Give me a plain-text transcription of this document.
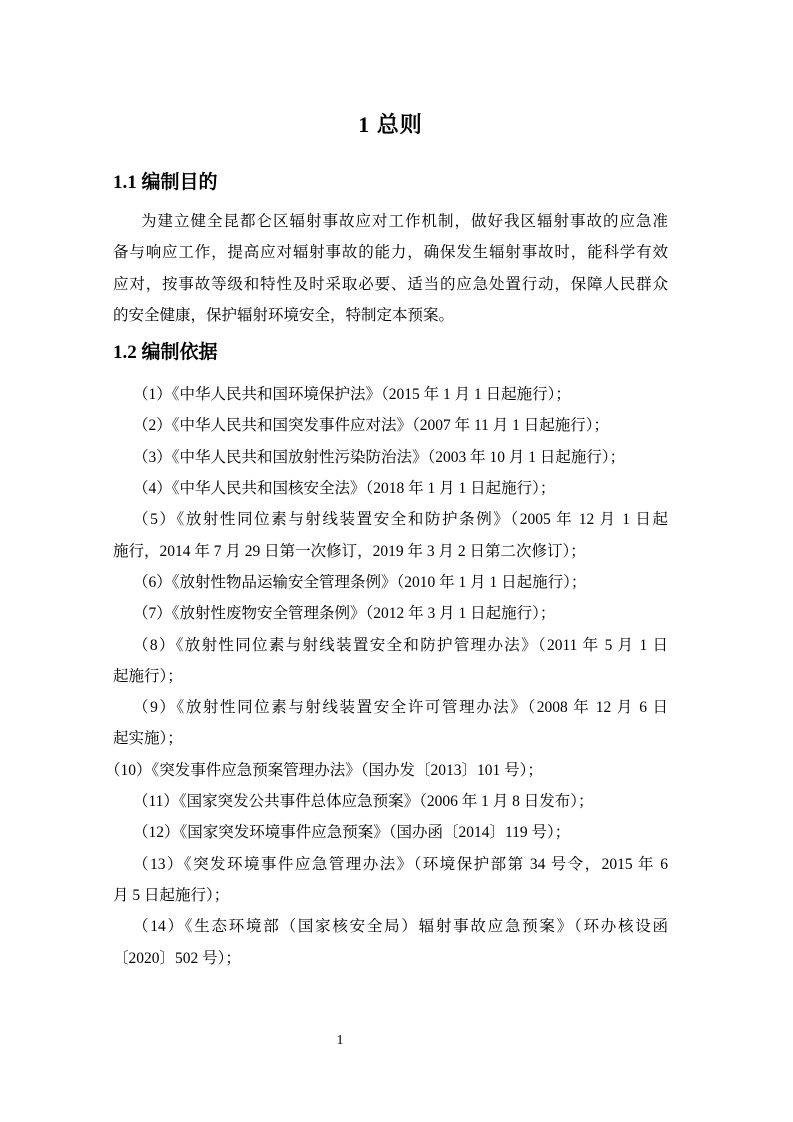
1 总则
1.1 编制目的
为建立健全昆都仑区辐射事故应对工作机制，做好我区辐射事故的应急准
备与响应工作，提高应对辐射事故的能力，确保发生辐射事故时，能科学有效
应对，按事故等级和特性及时采取必要、适当的应急处置行动，保障人民群众
的安全健康，保护辐射环境安全，特制定本预案。
1.2 编制依据
（1）《中华人民共和国环境保护法》（2015 年 1 月 1 日起施行）；
（2）《中华人民共和国突发事件应对法》（2007 年 11 月 1 日起施行）；
（3）《中华人民共和国放射性污染防治法》（2003 年 10 月 1 日起施行）；
（4）《中华人民共和国核安全法》（2018 年 1 月 1 日起施行）；
（5）《放射性同位素与射线装置安全和防护条例》（2005 年 12 月 1 日起
施行，2014 年 7 月 29 日第一次修订，2019 年 3 月 2 日第二次修订）；
（6）《放射性物品运输安全管理条例》（2010 年 1 月 1 日起施行）；
（7）《放射性废物安全管理条例》（2012 年 3 月 1 日起施行）；
（8）《放射性同位素与射线装置安全和防护管理办法》（2011 年 5 月 1 日
起施行）；
（9）《放射性同位素与射线装置安全许可管理办法》（2008 年 12 月 6 日
起实施）；
（10）《突发事件应急预案管理办法》（国办发〔2013〕101 号）；
（11）《国家突发公共事件总体应急预案》（2006 年 1 月 8 日发布）；
（12）《国家突发环境事件应急预案》（国办函〔2014〕119 号）；
（13）《突发环境事件应急管理办法》（环境保护部第 34 号令，2015 年 6
月 5 日起施行）；
（14）《生态环境部（国家核安全局）辐射事故应急预案》（环办核设函
〔2020〕502 号）；
1
